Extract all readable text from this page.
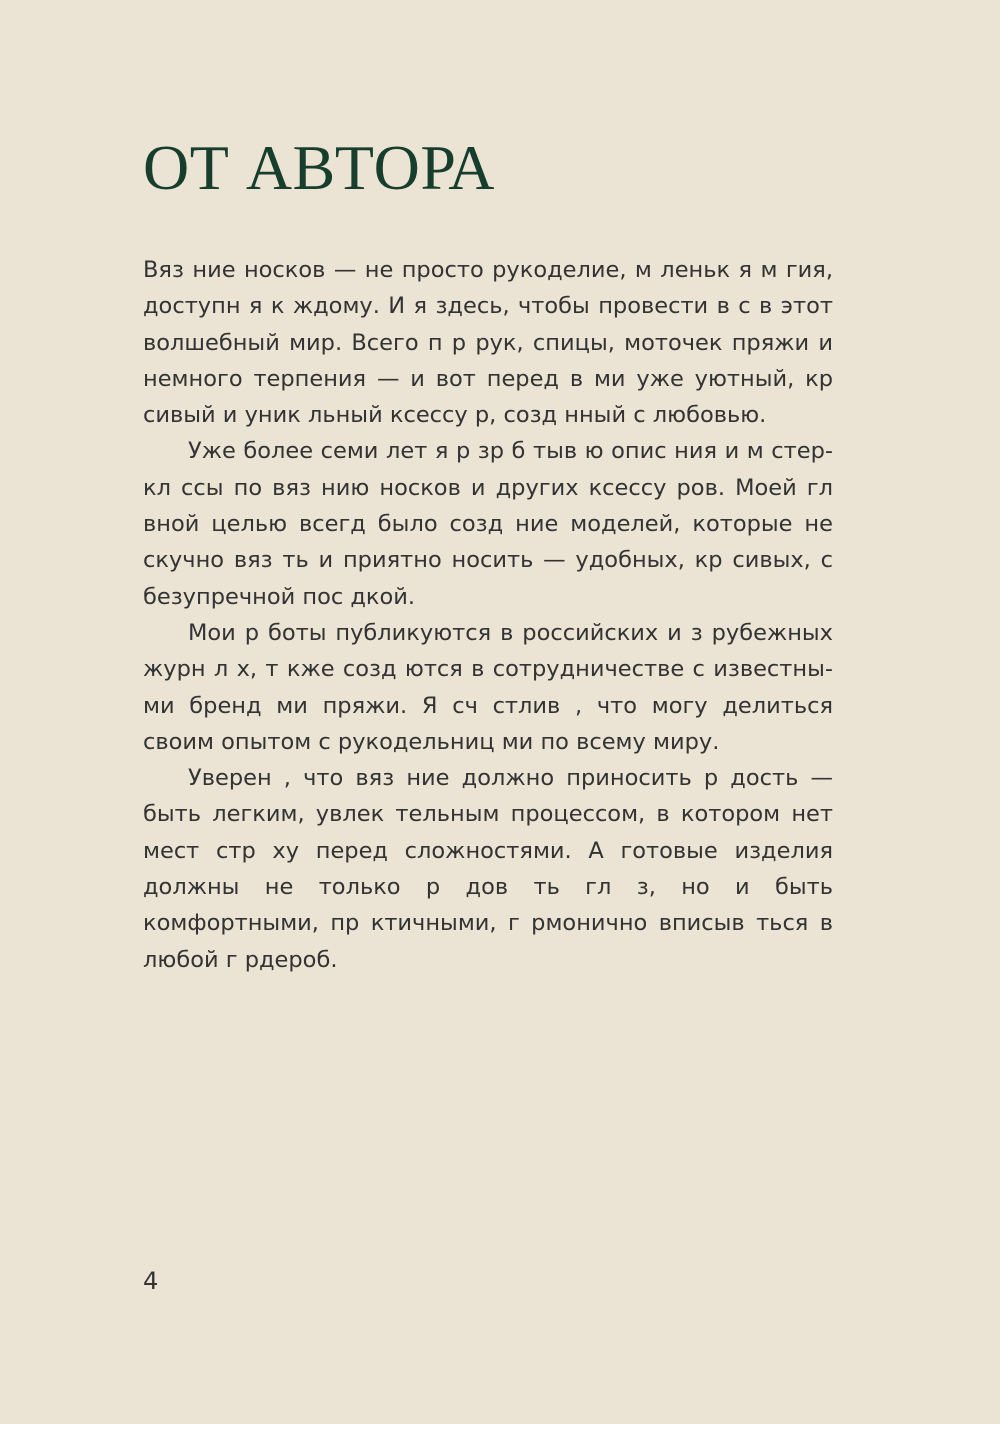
ОТ АВТОРА

Вяз ние носков — не просто рукоделие, м леньк я м гия, доступн я к ждому. И я здесь, чтобы провести в с в этот волшебный мир. Всего п р рук, спицы, моточек пряжи и немного терпения — и вот перед в ми уже уютный, кр сивый и уник льный ксессу р, созд нный с любовью.

Уже более семи лет я р зр б тыв ю опис ния и м стер-кл ссы по вяз нию носков и других ксессу ров. Моей гл вной целью всегд было созд ние моделей, которые не скучно вяз ть и приятно носить — удобных, кр сивых, с безупречной пос дкой.

Мои р боты публикуются в российских и з рубежных журн л х, т кже созд ются в сотрудничестве с известными бренд ми пряжи. Я сч стлив , что могу делиться своим опытом с рукодельниц ми по всему миру.

Уверен , что вяз ние должно приносить р дость — быть легким, увлек тельным процессом, в котором нет мест стр ху перед сложностями. А готовые изделия должны не только р дов ть гл з, но и быть комфортными, пр ктичными, г рмонично вписыв ться в любой г рдероб.

4
